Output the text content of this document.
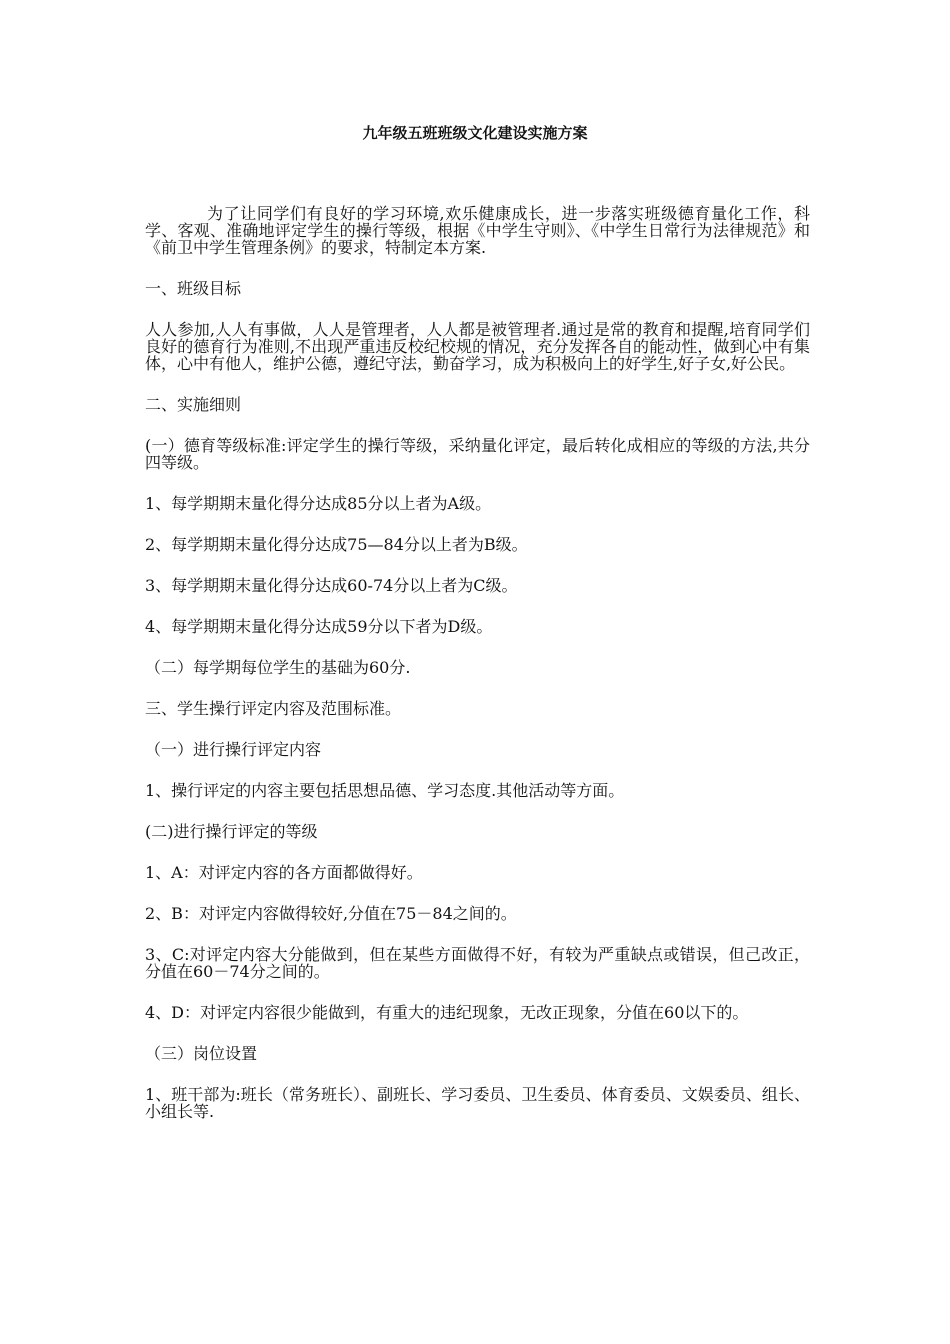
九年级五班班级文化建设实施方案

为了让同学们有良好的学习环境,欢乐健康成长，进一步落实班级德育量化工作，科学、客观、准确地评定学生的操行等级，根据《中学生守则》、《中学生日常行为法律规范》和《前卫中学生管理条例》的要求，特制定本方案.

一、班级目标

人人参加,人人有事做，人人是管理者，人人都是被管理者.通过是常的教育和提醒,培育同学们良好的德育行为准则,不出现严重违反校纪校规的情况，充分发挥各自的能动性，做到心中有集体，心中有他人，维护公德，遵纪守法，勤奋学习，成为积极向上的好学生,好子女,好公民。

二、实施细则

(一）德育等级标准:评定学生的操行等级，采纳量化评定，最后转化成相应的等级的方法,共分四等级。

1、每学期期末量化得分达成85分以上者为A级。

2、每学期期末量化得分达成75—84分以上者为B级。

3、每学期期末量化得分达成60-74分以上者为C级。

4、每学期期末量化得分达成59分以下者为D级。

（二）每学期每位学生的基础为60分.

三、学生操行评定内容及范围标准。

（一）进行操行评定内容

1、操行评定的内容主要包括思想品德、学习态度.其他活动等方面。

(二)进行操行评定的等级

1、A：对评定内容的各方面都做得好。

2、B：对评定内容做得较好,分值在75－84之间的。

3、C:对评定内容大分能做到，但在某些方面做得不好，有较为严重缺点或错误，但己改正，分值在60－74分之间的。

4、D：对评定内容很少能做到，有重大的违纪现象，无改正现象，分值在60以下的。

（三）岗位设置

1、班干部为:班长（常务班长）、副班长、学习委员、卫生委员、体育委员、文娱委员、组长、小组长等.
